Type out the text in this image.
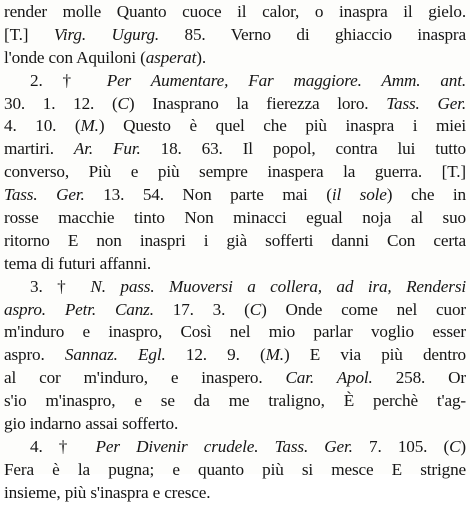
render molle Quanto cuoce il calor, o inaspra il gielo.
[T.] Virg. Ugurg. 85. Verno di ghiaccio inaspra
l'onde con Aquiloni (asperat).
2. † Per Aumentare, Far maggiore. Amm. ant.
30. 1. 12. (C) Inasprano la fierezza loro. Tass. Ger.
4. 10. (M.) Questo è quel che più inaspra i miei
martiri. Ar. Fur. 18. 63. Il popol, contra lui tutto
converso, Più e più sempre inaspera la guerra. [T.]
Tass. Ger. 13. 54. Non parte mai (il sole) che in
rosse macchie tinto Non minacci egual noja al suo
ritorno E non inaspri i già sofferti danni Con certa
tema di futuri affanni.
3. † N. pass. Muoversi a collera, ad ira, Rendersi
aspro. Petr. Canz. 17. 3. (C) Onde come nel cuor
m'induro e inaspro, Così nel mio parlar voglio esser
aspro. Sannaz. Egl. 12. 9. (M.) E via più dentro
al cor m'induro, e inaspero. Car. Apol. 258. Or
s'io m'inaspro, e se da me traligno, È perchè t'ag-
gio indarno assai sofferto.
4. † Per Divenir crudele. Tass. Ger. 7. 105. (C)
Fera è la pugna; e quanto più si mesce E strigne
insieme, più s'inaspra e cresce.
